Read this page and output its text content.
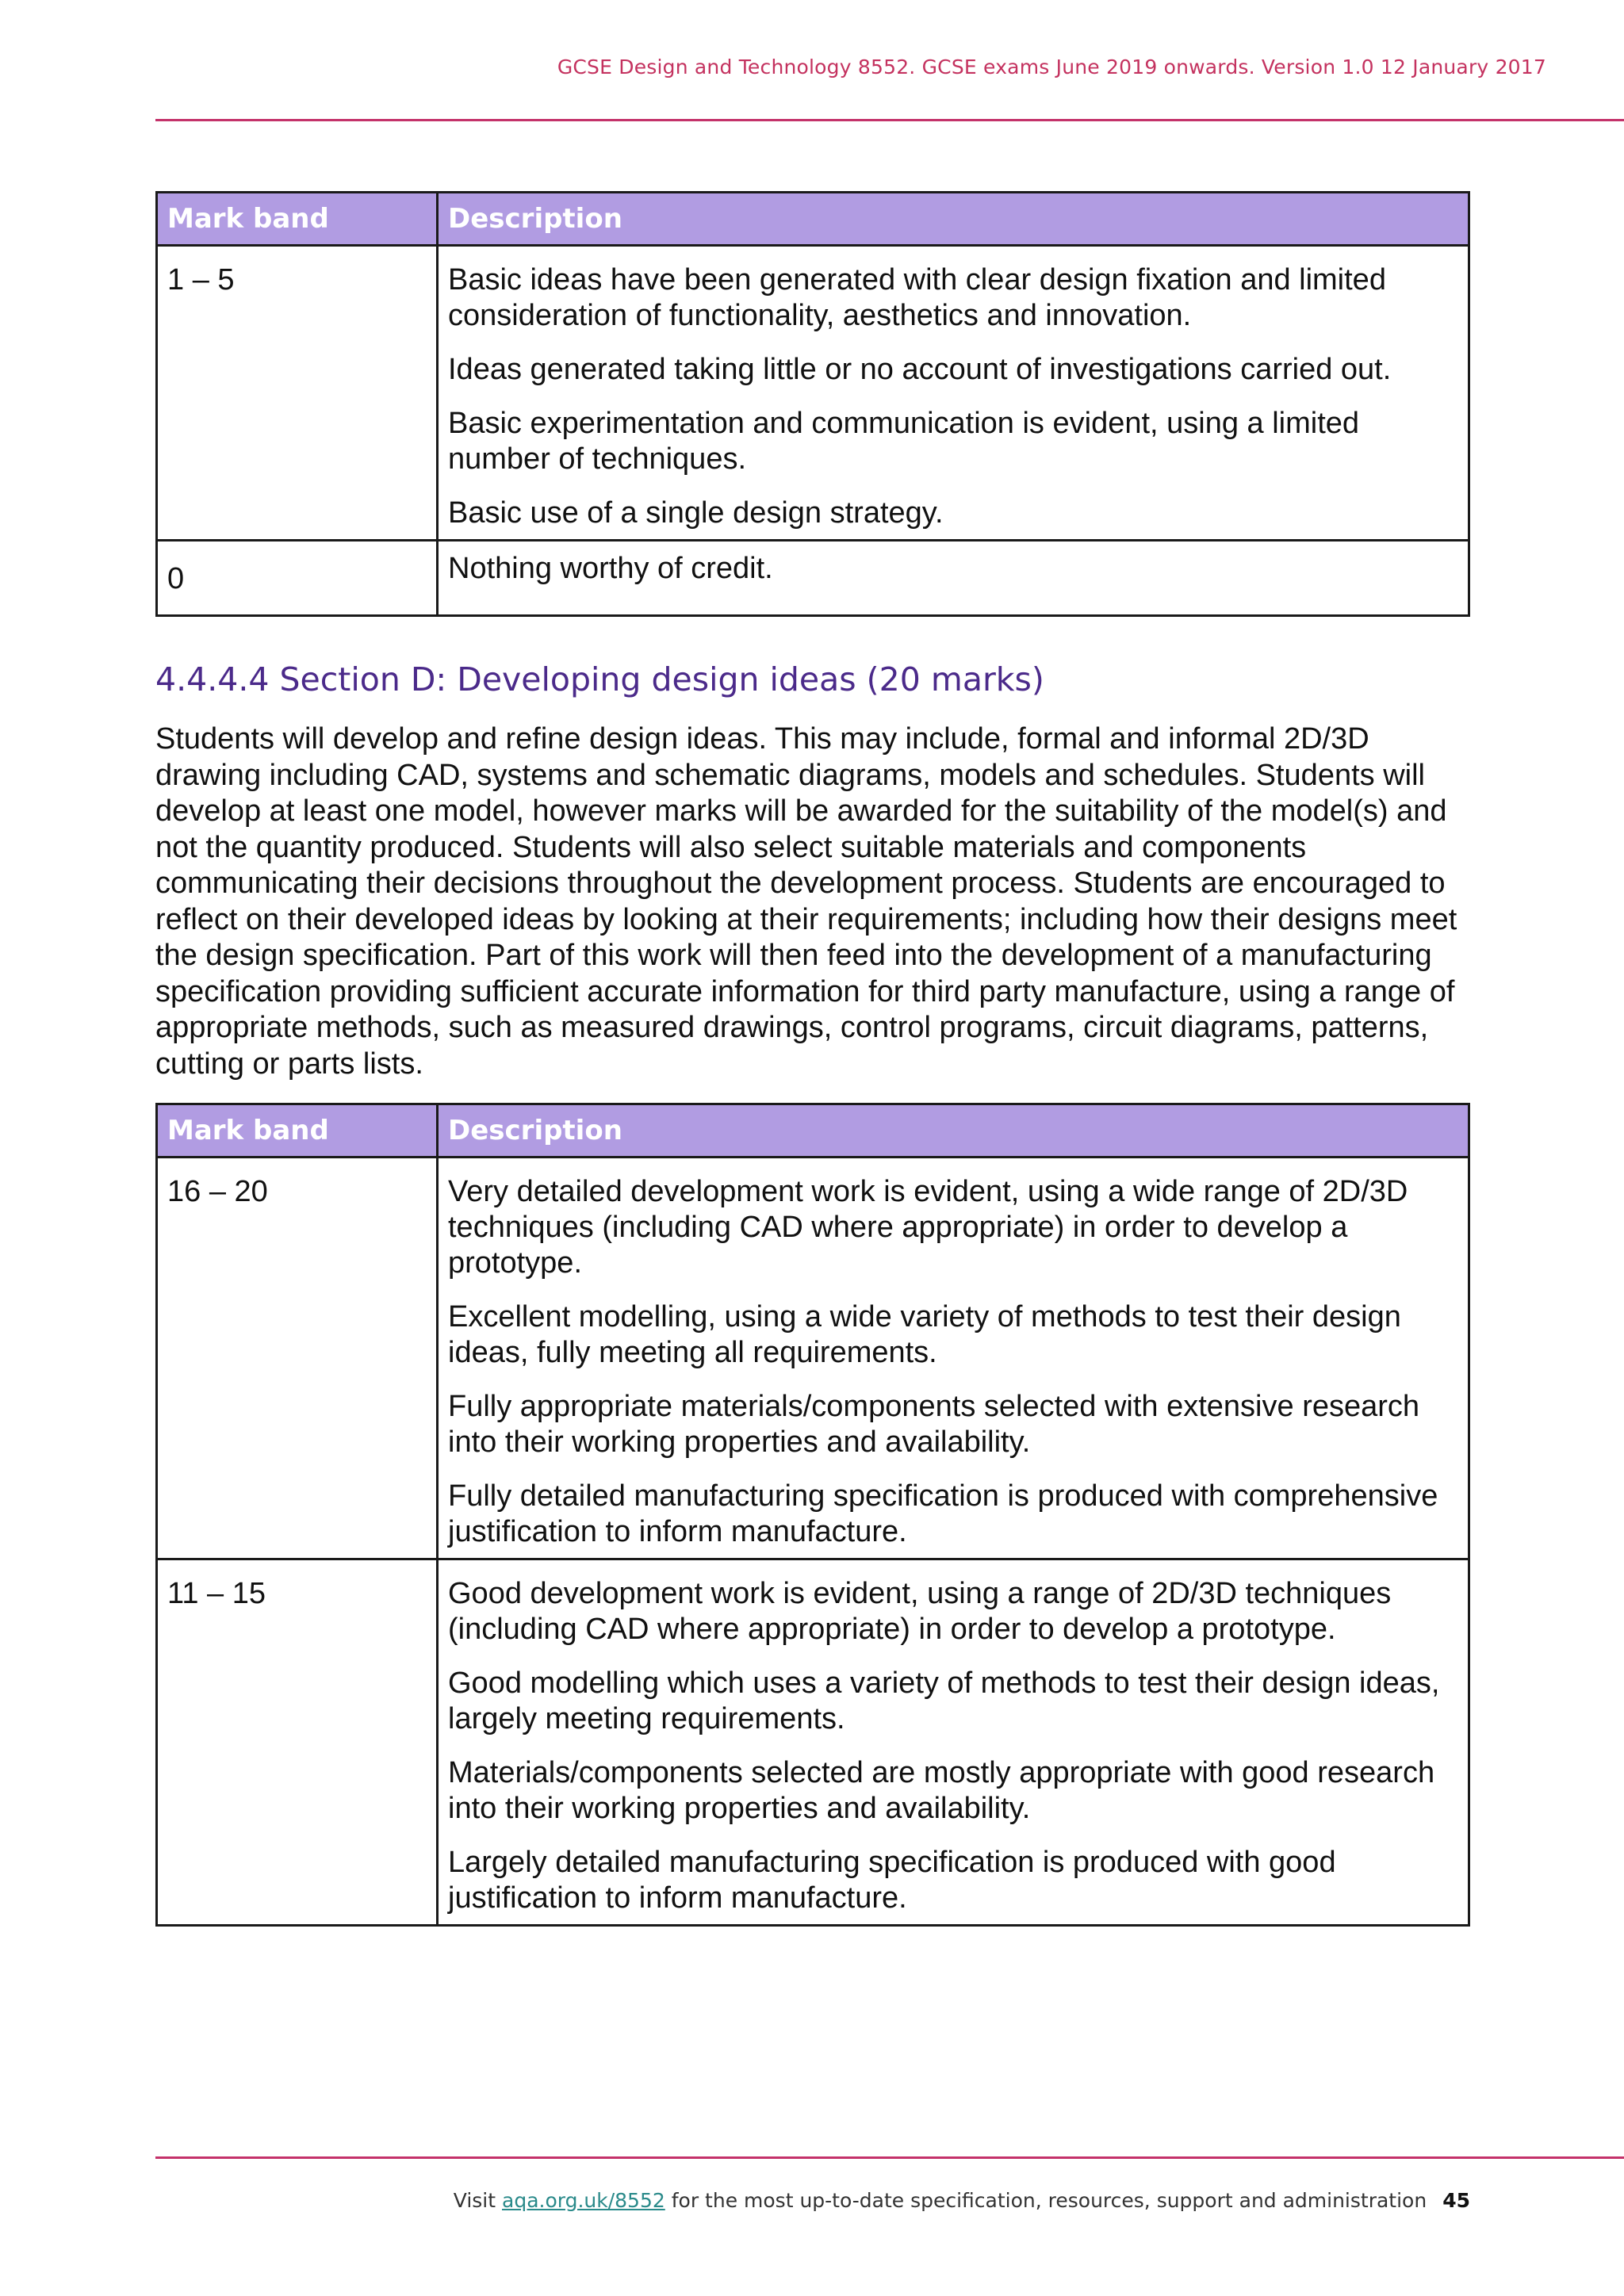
GCSE Design and Technology 8552. GCSE exams June 2019 onwards. Version 1.0 12 January 2017
Mark band	Description
1 – 5	Basic ideas have been generated with clear design fixation and limited consideration of functionality, aesthetics and innovation.

Ideas generated taking little or no account of investigations carried out.

Basic experimentation and communication is evident, using a limited number of techniques.

Basic use of a single design strategy.

0	Nothing worthy of credit.

4.4.4.4 Section D: Developing design ideas (20 marks)

Students will develop and refine design ideas. This may include, formal and informal 2D/3D drawing including CAD, systems and schematic diagrams, models and schedules. Students will develop at least one model, however marks will be awarded for the suitability of the model(s) and not the quantity produced. Students will also select suitable materials and components communicating their decisions throughout the development process. Students are encouraged to reflect on their developed ideas by looking at their requirements; including how their designs meet the design specification. Part of this work will then feed into the development of a manufacturing specification providing sufficient accurate information for third party manufacture, using a range of appropriate methods, such as measured drawings, control programs, circuit diagrams, patterns, cutting or parts lists.

Mark band	Description
16 – 20	Very detailed development work is evident, using a wide range of 2D/3D techniques (including CAD where appropriate) in order to develop a prototype.

Excellent modelling, using a wide variety of methods to test their design ideas, fully meeting all requirements.

Fully appropriate materials/components selected with extensive research into their working properties and availability.

Fully detailed manufacturing specification is produced with comprehensive justification to inform manufacture.

11 – 15	Good development work is evident, using a range of 2D/3D techniques (including CAD where appropriate) in order to develop a prototype.

Good modelling which uses a variety of methods to test their design ideas, largely meeting requirements.

Materials/components selected are mostly appropriate with good research into their working properties and availability.

Largely detailed manufacturing specification is produced with good justification to inform manufacture.

Visit aqa.org.uk/8552 for the most up-to-date specification, resources, support and administration 45
